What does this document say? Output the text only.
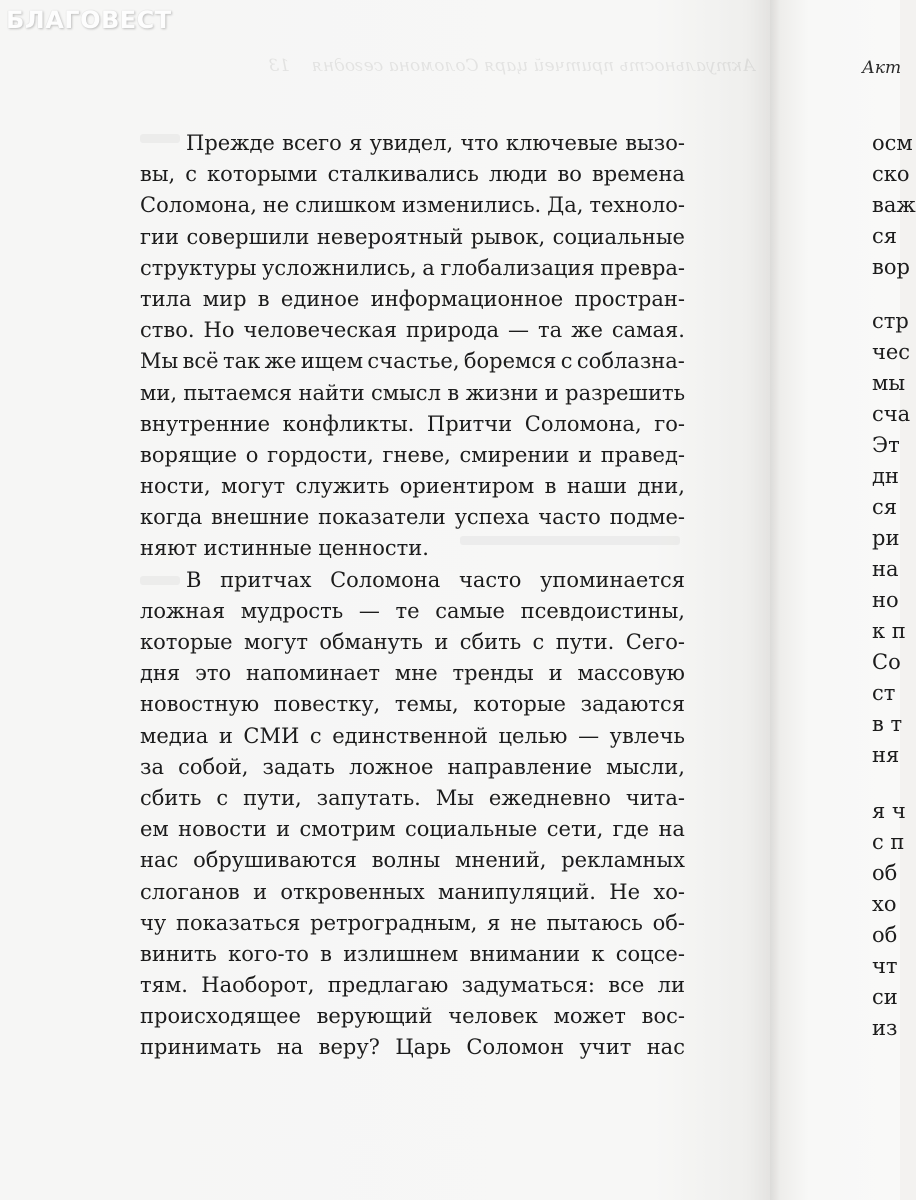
БЛАГОВЕСТ
Актуальность притчей царя Соломона сегодня    13
Прежде всего я увидел, что ключевые вызо-
вы, с которыми сталкивались люди во времена
Соломона, не слишком изменились. Да, техноло-
гии совершили невероятный рывок, социальные
структуры усложнились, а глобализация превра-
тила мир в единое информационное простран-
ство. Но человеческая природа — та же самая.
Мы всё так же ищем счастье, боремся с соблазна-
ми, пытаемся найти смысл в жизни и разрешить
внутренние конфликты. Притчи Соломона, го-
ворящие о гордости, гневе, смирении и правед-
ности, могут служить ориентиром в наши дни,
когда внешние показатели успеха часто подме-
няют истинные ценности.
В притчах Соломона часто упоминается
ложная мудрость — те самые псевдоистины,
которые могут обмануть и сбить с пути. Сего-
дня это напоминает мне тренды и массовую
новостную повестку, темы, которые задаются
медиа и СМИ с единственной целью — увлечь
за собой, задать ложное направление мысли,
сбить с пути, запутать. Мы ежедневно чита-
ем новости и смотрим социальные сети, где на
нас обрушиваются волны мнений, рекламных
слоганов и откровенных манипуляций. Не хо-
чу показаться ретроградным, я не пытаюсь об-
винить кого-то в излишнем внимании к соцсе-
тям. Наоборот, предлагаю задуматься: все ли
происходящее верующий человек может вос-
принимать на веру? Царь Соломон учит нас
Акт
осм
ско
важ
ся
вор
стр
чес
мы
сча
Эт
дн
ся
ри
на
но
к п
Со
ст
в т
ня
я ч
с п
об
хо
об
чт
си
из
